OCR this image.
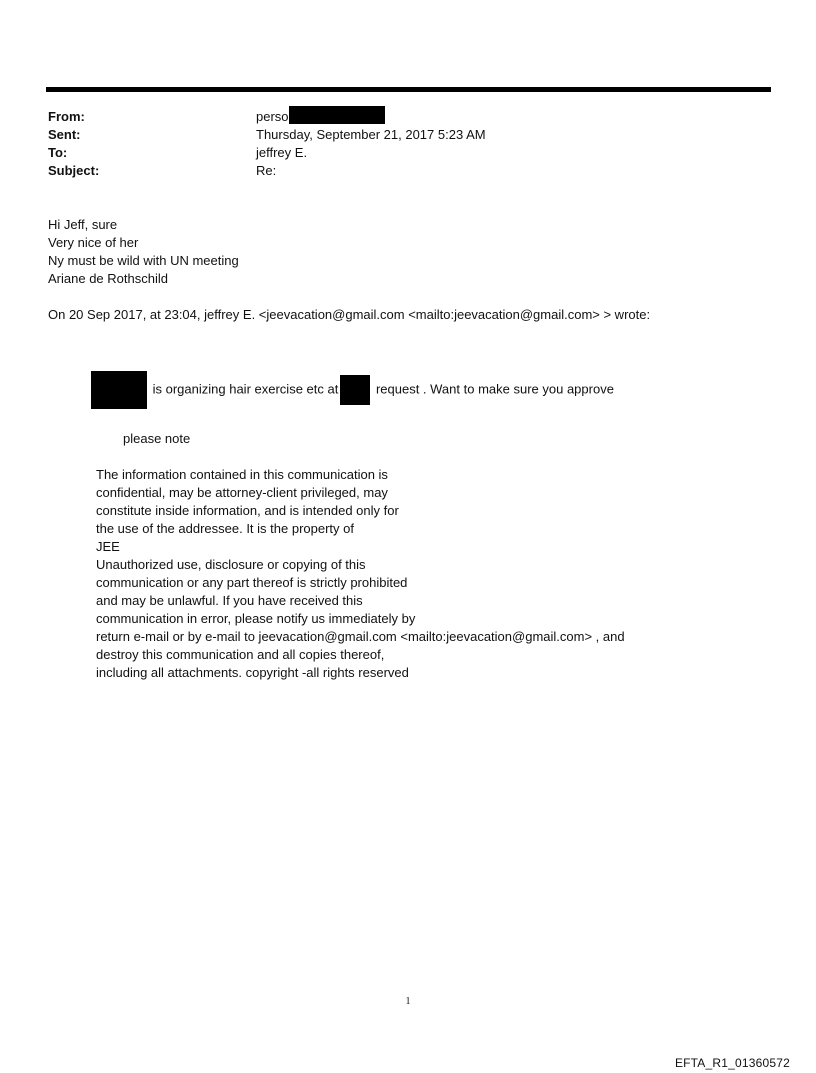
From:	perso
Sent:	Thursday, September 21, 2017 5:23 AM
To:	jeffrey E.
Subject:	Re:

Hi Jeff, sure

Very nice of her

Ny must be wild with UN meeting

Ariane de Rothschild

On 20 Sep 2017, at 23:04, jeffrey E. <jeevacation@gmail.com <mailto:jeevacation@gmail.com> > wrote:
is organizing hair exercise etc at	request . Want to make sure you approve
please note

The information contained in this communication is

confidential, may be attorney-client privileged, may

constitute inside information, and is intended only for

the use of the addressee. It is the property of

JEE

Unauthorized use, disclosure or copying of this

communication or any part thereof is strictly prohibited

and may be unlawful. If you have received this

communication in error, please notify us immediately by

return e-mail or by e-mail to jeevacation@gmail.com <mailto:jeevacation@gmail.com> , and

destroy this communication and all copies thereof,

including all attachments. copyright -all rights reserved

1
EFTA_R1_01360572
